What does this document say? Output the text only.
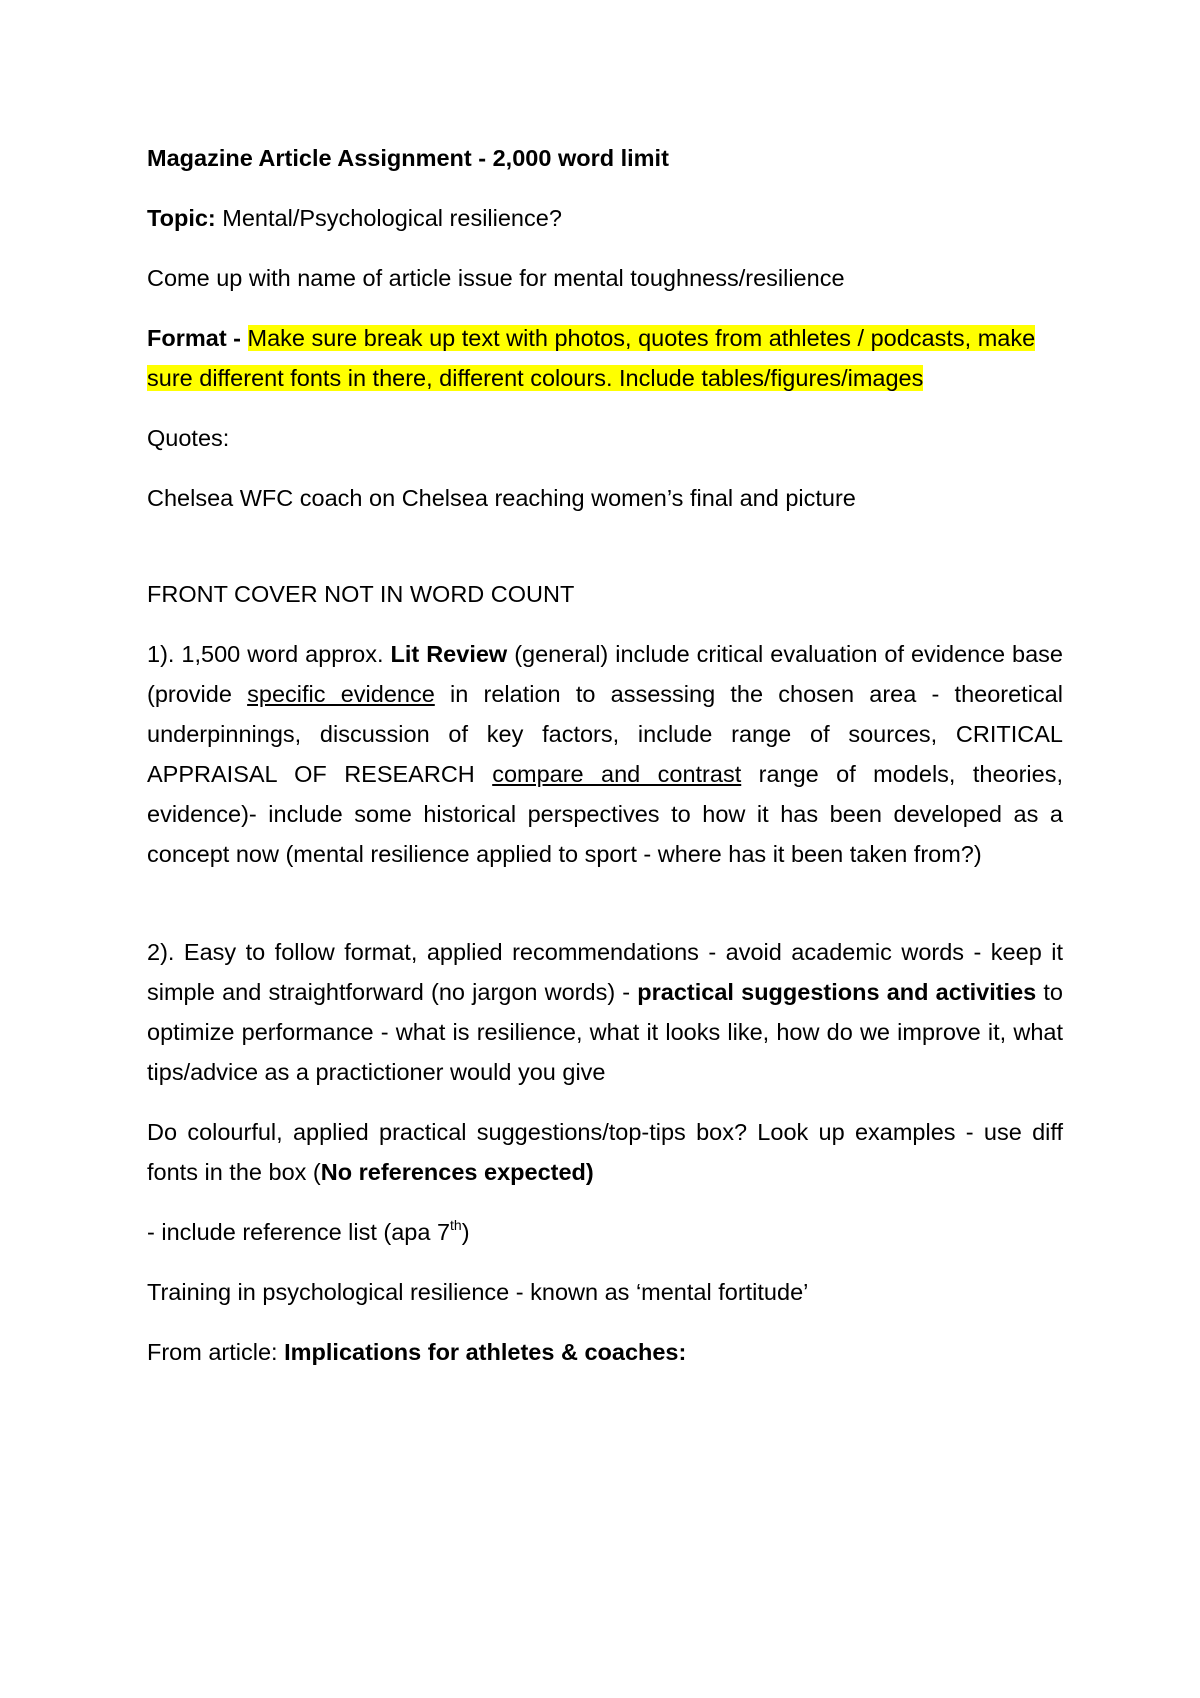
Magazine Article Assignment - 2,000 word limit

Topic: Mental/Psychological resilience?

Come up with name of article issue for mental toughness/resilience

Format - Make sure break up text with photos, quotes from athletes / podcasts, make sure different fonts in there, different colours. Include tables/figures/images

Quotes:

Chelsea WFC coach on Chelsea reaching women’s final and picture

FRONT COVER NOT IN WORD COUNT

1). 1,500 word approx. Lit Review (general) include critical evaluation of evidence base (provide specific evidence in relation to assessing the chosen area - theoretical underpinnings, discussion of key factors, include range of sources, CRITICAL APPRAISAL OF RESEARCH compare and contrast range of models, theories, evidence)- include some historical perspectives to how it has been developed as a concept now (mental resilience applied to sport - where has it been taken from?)

2). Easy to follow format, applied recommendations - avoid academic words - keep it simple and straightforward (no jargon words) - practical suggestions and activities to optimize performance - what is resilience, what it looks like, how do we improve it, what tips/advice as a practictioner would you give

Do colourful, applied practical suggestions/top-tips box? Look up examples - use diff fonts in the box (No references expected)

- include reference list (apa 7th)

Training in psychological resilience - known as ‘mental fortitude’

From article: Implications for athletes & coaches:
